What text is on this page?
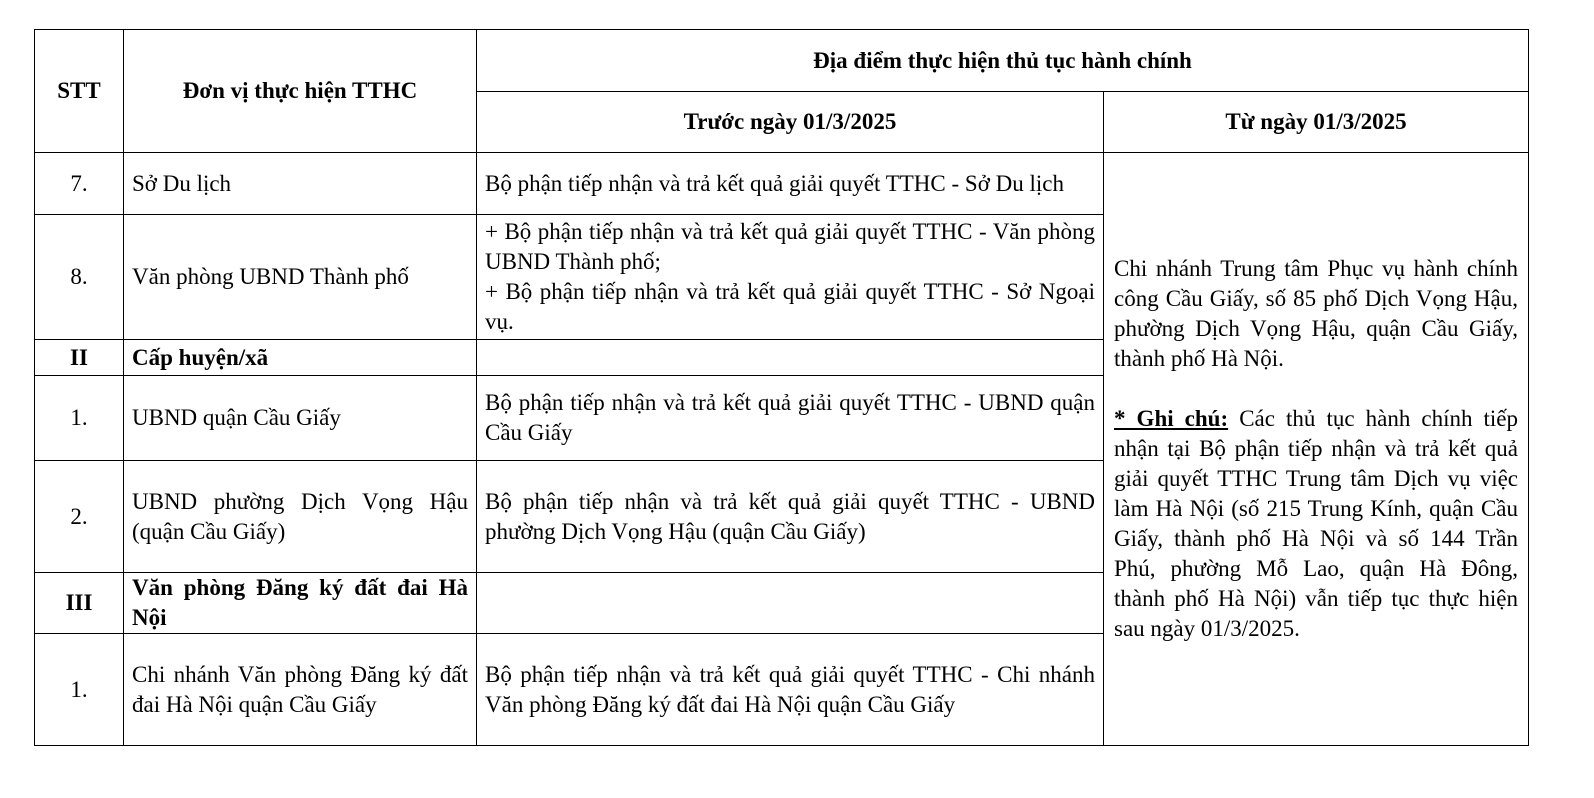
STT	Đơn vị thực hiện TTHC	Địa điểm thực hiện thủ tục hành chính	
		Trước ngày 01/3/2025	Từ ngày 01/3/2025
7.	Sở Du lịch	Bộ phận tiếp nhận và trả kết quả giải quyết TTHC - Sở Du lịch	Chi nhánh Trung tâm Phục vụ hành chính công Cầu Giấy, số 85 phố Dịch Vọng Hậu, phường Dịch Vọng Hậu, quận Cầu Giấy, thành phố Hà Nội.
* Ghi chú: Các thủ tục hành chính tiếp nhận tại Bộ phận tiếp nhận và trả kết quả giải quyết TTHC Trung tâm Dịch vụ việc làm Hà Nội (số 215 Trung Kính, quận Cầu Giấy, thành phố Hà Nội và số 144 Trần Phú, phường Mỗ Lao, quận Hà Đông, thành phố Hà Nội) vẫn tiếp tục thực hiện sau ngày 01/3/2025.

8.	Văn phòng UBND Thành phố	+ Bộ phận tiếp nhận và trả kết quả giải quyết TTHC - Văn phòng UBND Thành phố;
+ Bộ phận tiếp nhận và trả kết quả giải quyết TTHC - Sở Ngoại vụ.	

II	Cấp huyện/xã		
1.	UBND quận Cầu Giấy	Bộ phận tiếp nhận và trả kết quả giải quyết TTHC - UBND quận Cầu Giấy	
2.	UBND phường Dịch Vọng Hậu (quận Cầu Giấy)	Bộ phận tiếp nhận và trả kết quả giải quyết TTHC - UBND phường Dịch Vọng Hậu (quận Cầu Giấy)	
III	Văn phòng Đăng ký đất đai Hà Nội		
1.	Chi nhánh Văn phòng Đăng ký đất đai Hà Nội quận Cầu Giấy	Bộ phận tiếp nhận và trả kết quả giải quyết TTHC - Chi nhánh Văn phòng Đăng ký đất đai Hà Nội quận Cầu Giấy	
